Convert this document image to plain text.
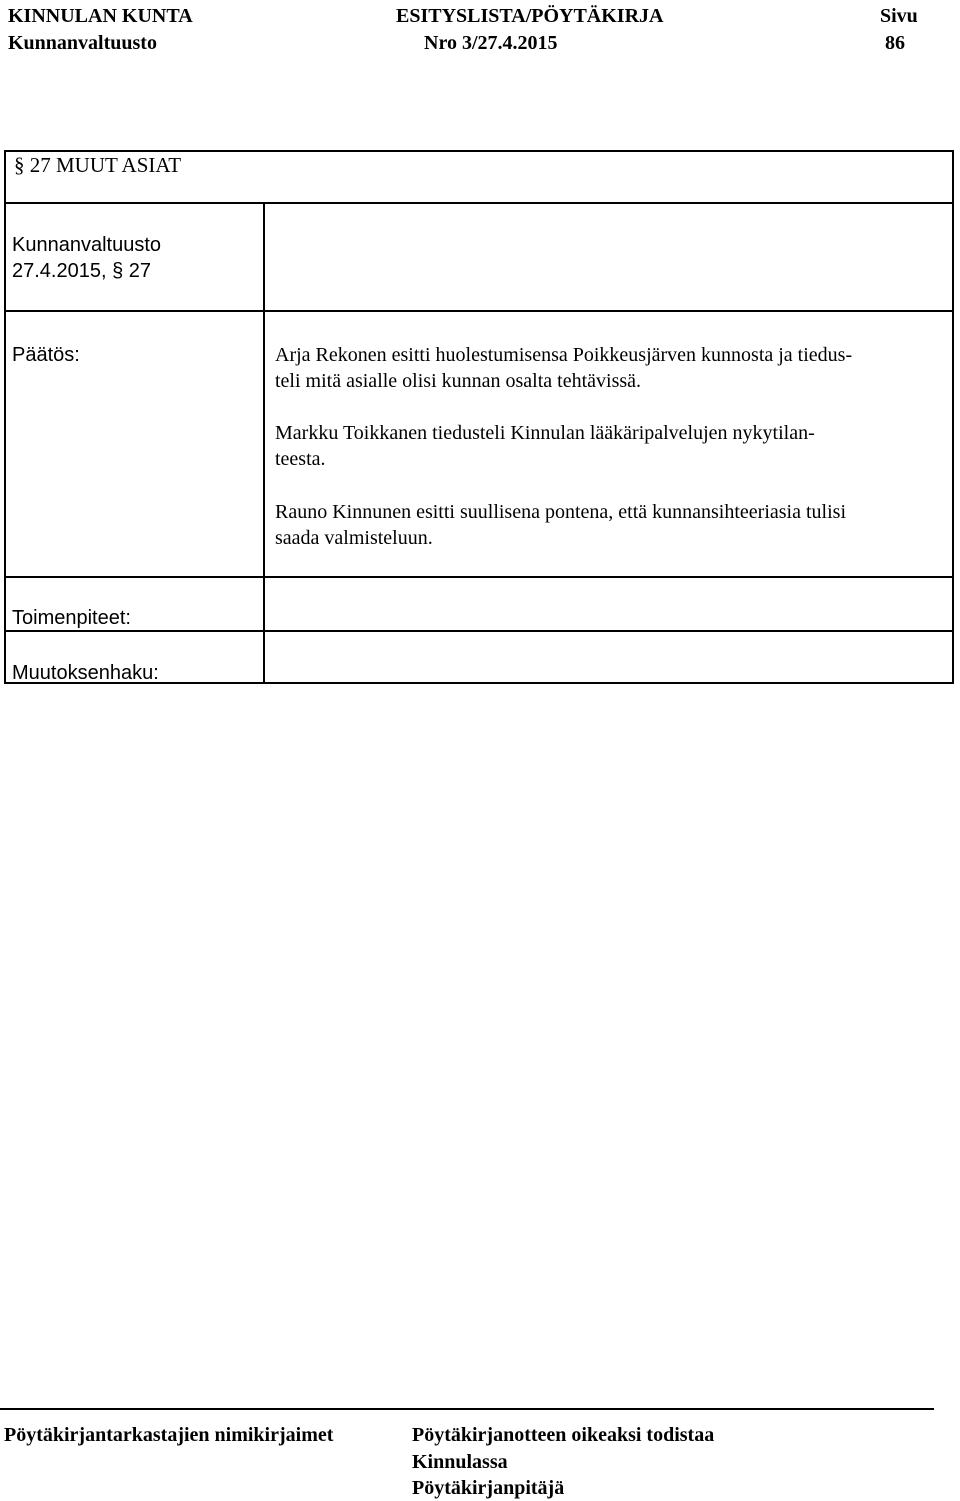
KINNULAN KUNTA	ESITYSLISTA/PÖYTÄKIRJA	Sivu
Kunnanvaltuusto	Nro 3/27.4.2015	86
§ 27 MUUT ASIAT
Kunnanvaltuusto
27.4.2015, § 27
Päätös:	Arja Rekonen esitti huolestumisensa Poikkeusjärven kunnosta ja tiedus-
teli mitä asialle olisi kunnan osalta tehtävissä.
Markku Toikkanen tiedusteli Kinnulan lääkäripalvelujen nykytilan-
teesta.
Rauno Kinnunen esitti suullisena pontena, että kunnansihteeriasia tulisi
saada valmisteluun.
Toimenpiteet:
Muutoksenhaku:
Pöytäkirjantarkastajien nimikirjaimet	Pöytäkirjanotteen oikeaksi todistaa
Kinnulassa
Pöytäkirjanpitäjä
